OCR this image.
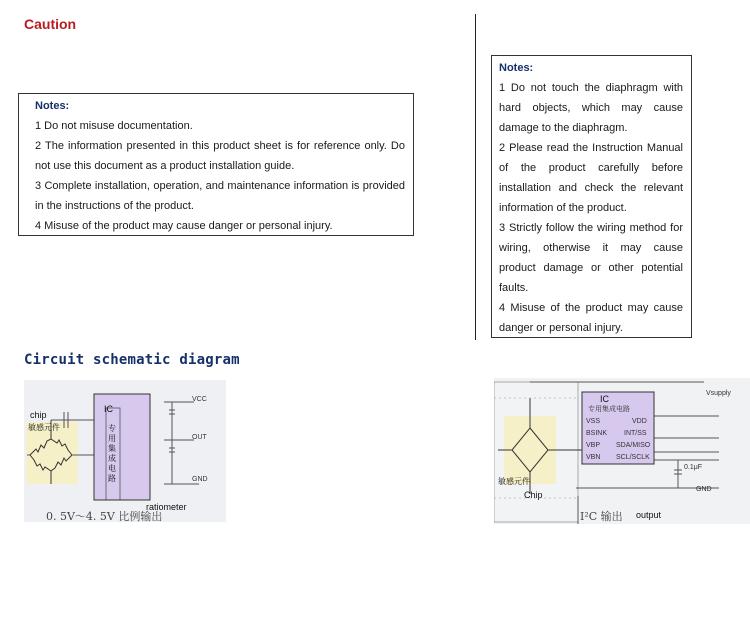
Caution
Notes:

1 Do not misuse documentation.

2 The information presented in this product sheet is for reference only. Do not use this document as a product installation guide.

3 Complete installation, operation, and maintenance information is provided in the instructions of the product.

4 Misuse of the product may cause danger or personal injury.

Notes:

1 Do not touch the diaphragm with hard objects, which may cause damage to the diaphragm.

2 Please read the Instruction Manual of the product carefully before installation and check the relevant information of the product.

3 Strictly follow the wiring method for wiring, otherwise it may cause product damage or other potential faults.

4 Misuse of the product may cause danger or personal injury.

Circuit schematic diagram
chip
敏感元件
IC
专用集成电路
VCC
OUT
GND
ratiometer
0. 5V～4. 5V 比例输出
IC
专用集成电路
VSS
BSINK
VBP
VBN
VDD
INT/SS
SDA/MISO
SCL/SCLK
Vsupply
0.1μF
GND
敏感元件
Chip
I²C 输出 output
